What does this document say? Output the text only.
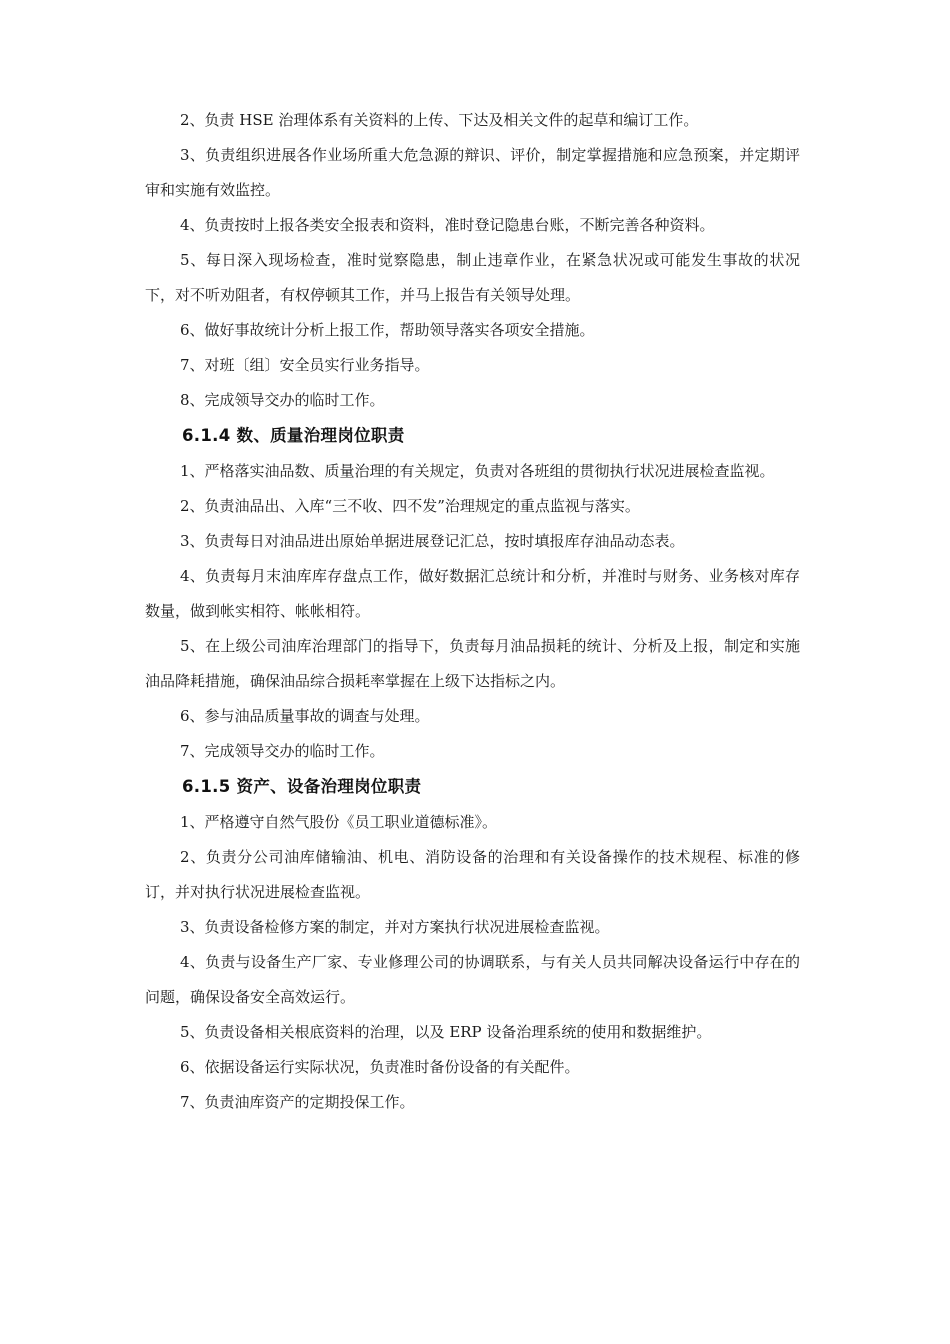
2、负责 HSE 治理体系有关资料的上传、下达及相关文件的起草和编订工作。

3、负责组织进展各作业场所重大危急源的辩识、评价，制定掌握措施和应急预案，并定期评审和实施有效监控。

4、负责按时上报各类安全报表和资料，准时登记隐患台账，不断完善各种资料。

5、每日深入现场检查，准时觉察隐患，制止违章作业，在紧急状况或可能发生事故的状况下，对不听劝阻者，有权停顿其工作，并马上报告有关领导处理。

6、做好事故统计分析上报工作，帮助领导落实各项安全措施。

7、对班〔组〕安全员实行业务指导。

8、完成领导交办的临时工作。

6.1.4 数、质量治理岗位职责

1、严格落实油品数、质量治理的有关规定，负责对各班组的贯彻执行状况进展检查监视。

2、负责油品出、入库“三不收、四不发”治理规定的重点监视与落实。

3、负责每日对油品进出原始单据进展登记汇总，按时填报库存油品动态表。

4、负责每月末油库库存盘点工作，做好数据汇总统计和分析，并准时与财务、业务核对库存数量，做到帐实相符、帐帐相符。

5、在上级公司油库治理部门的指导下，负责每月油品损耗的统计、分析及上报，制定和实施油品降耗措施，确保油品综合损耗率掌握在上级下达指标之内。

6、参与油品质量事故的调查与处理。

7、完成领导交办的临时工作。

6.1.5 资产、设备治理岗位职责

1、严格遵守自然气股份《员工职业道德标准》。

2、负责分公司油库储输油、机电、消防设备的治理和有关设备操作的技术规程、标准的修订，并对执行状况进展检查监视。

3、负责设备检修方案的制定，并对方案执行状况进展检查监视。

4、负责与设备生产厂家、专业修理公司的协调联系，与有关人员共同解决设备运行中存在的问题，确保设备安全高效运行。

5、负责设备相关根底资料的治理，以及 ERP 设备治理系统的使用和数据维护。

6、依据设备运行实际状况，负责准时备份设备的有关配件。

7、负责油库资产的定期投保工作。
